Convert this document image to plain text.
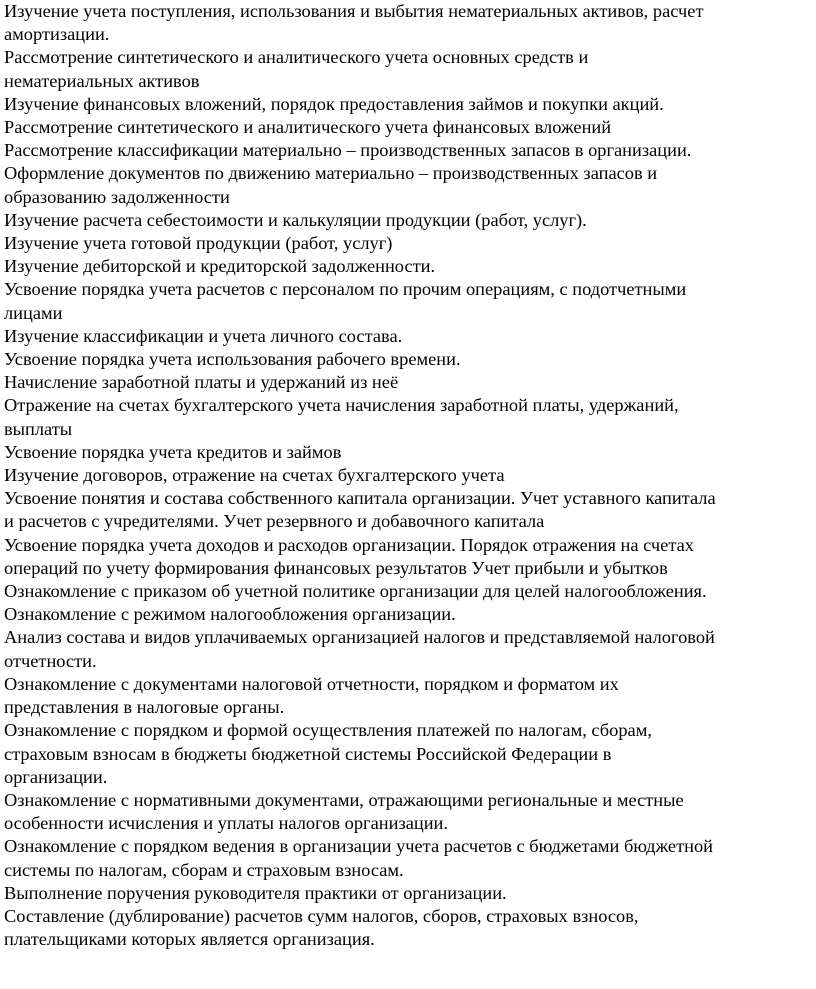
Изучение учета поступления, использования и выбытия нематериальных активов, расчет
амортизации.
Рассмотрение синтетического и аналитического учета основных средств и
нематериальных активов
Изучение финансовых вложений, порядок предоставления займов и покупки акций.
Рассмотрение синтетического и аналитического учета финансовых вложений
Рассмотрение классификации материально – производственных запасов в организации.
Оформление документов по движению материально – производственных запасов и
образованию задолженности
Изучение расчета себестоимости и калькуляции продукции (работ, услуг).
Изучение учета готовой продукции (работ, услуг)
Изучение дебиторской и кредиторской задолженности.
Усвоение порядка учета расчетов с персоналом по прочим операциям, с подотчетными
лицами
Изучение классификации и учета личного состава.
Усвоение порядка учета использования рабочего времени.
Начисление заработной платы и удержаний из неё
Отражение на счетах бухгалтерского учета начисления заработной платы, удержаний,
выплаты
Усвоение порядка учета кредитов и займов
Изучение договоров, отражение на счетах бухгалтерского учета
Усвоение понятия и состава собственного капитала организации. Учет уставного капитала
и расчетов с учредителями. Учет резервного и добавочного капитала
Усвоение порядка учета доходов и расходов организации. Порядок отражения на счетах
операций по учету формирования финансовых результатов Учет прибыли и убытков
Ознакомление с приказом об учетной политике организации для целей налогообложения.
Ознакомление с режимом налогообложения организации.
Анализ состава и видов уплачиваемых организацией налогов и представляемой налоговой
отчетности.
Ознакомление с документами налоговой отчетности, порядком и форматом их
представления в налоговые органы.
Ознакомление с порядком и формой осуществления платежей по налогам, сборам,
страховым взносам в бюджеты бюджетной системы Российской Федерации в
организации.
Ознакомление с нормативными документами, отражающими региональные и местные
особенности исчисления и уплаты налогов организации.
Ознакомление с порядком ведения в организации учета расчетов с бюджетами бюджетной
системы по налогам, сборам и страховым взносам.
Выполнение поручения руководителя практики от организации.
Составление (дублирование) расчетов сумм налогов, сборов, страховых взносов,
плательщиками которых является организация.
